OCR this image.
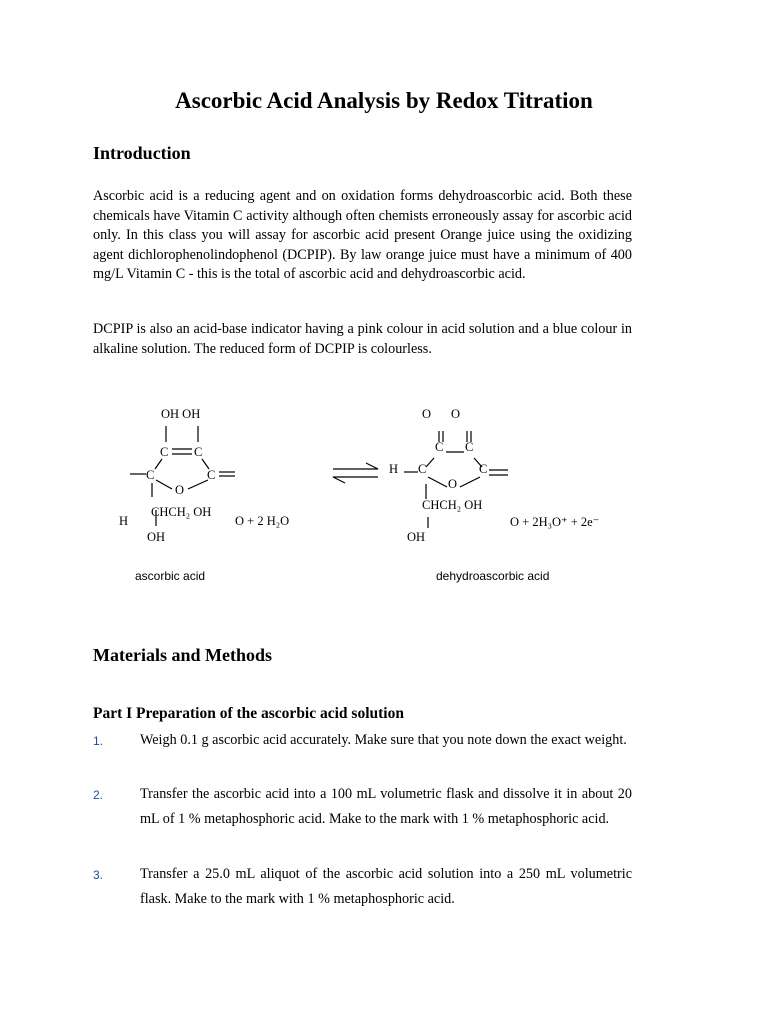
Ascorbic Acid Analysis by Redox Titration
Introduction

Ascorbic acid is a reducing agent and on oxidation forms dehydroascorbic acid. Both these chemicals have Vitamin C activity although often chemists erroneously assay for ascorbic acid only. In this class you will assay for ascorbic acid present Orange juice using the oxidizing agent dichlorophenolindophenol (DCPIP). By law orange juice must have a minimum of 400 mg/L Vitamin C - this is the total of ascorbic acid and dehydroascorbic acid.

DCPIP is also an acid-base indicator having a pink colour in acid solution and a blue colour in alkaline solution. The reduced form of DCPIP is colourless.

OH OH
C C
C	C
O
CHCH₂ OH
H
OH
O + 2 H₂O
ascorbic acid
O O
C C
H C	C
O
CHCH₂ OH
OH
O + 2H₃O⁺ + 2e⁻
dehydroascorbic acid
Materials and Methods
Part I Preparation of the ascorbic acid solution
1.	Weigh 0.1 g ascorbic acid accurately. Make sure that you note down the exact weight.
2.	Transfer the ascorbic acid into a 100 mL volumetric flask and dissolve it in about 20 mL of 1 % metaphosphoric acid. Make to the mark with 1 % metaphosphoric acid.
3.	Transfer a 25.0 mL aliquot of the ascorbic acid solution into a 250 mL volumetric flask. Make to the mark with 1 % metaphosphoric acid.
